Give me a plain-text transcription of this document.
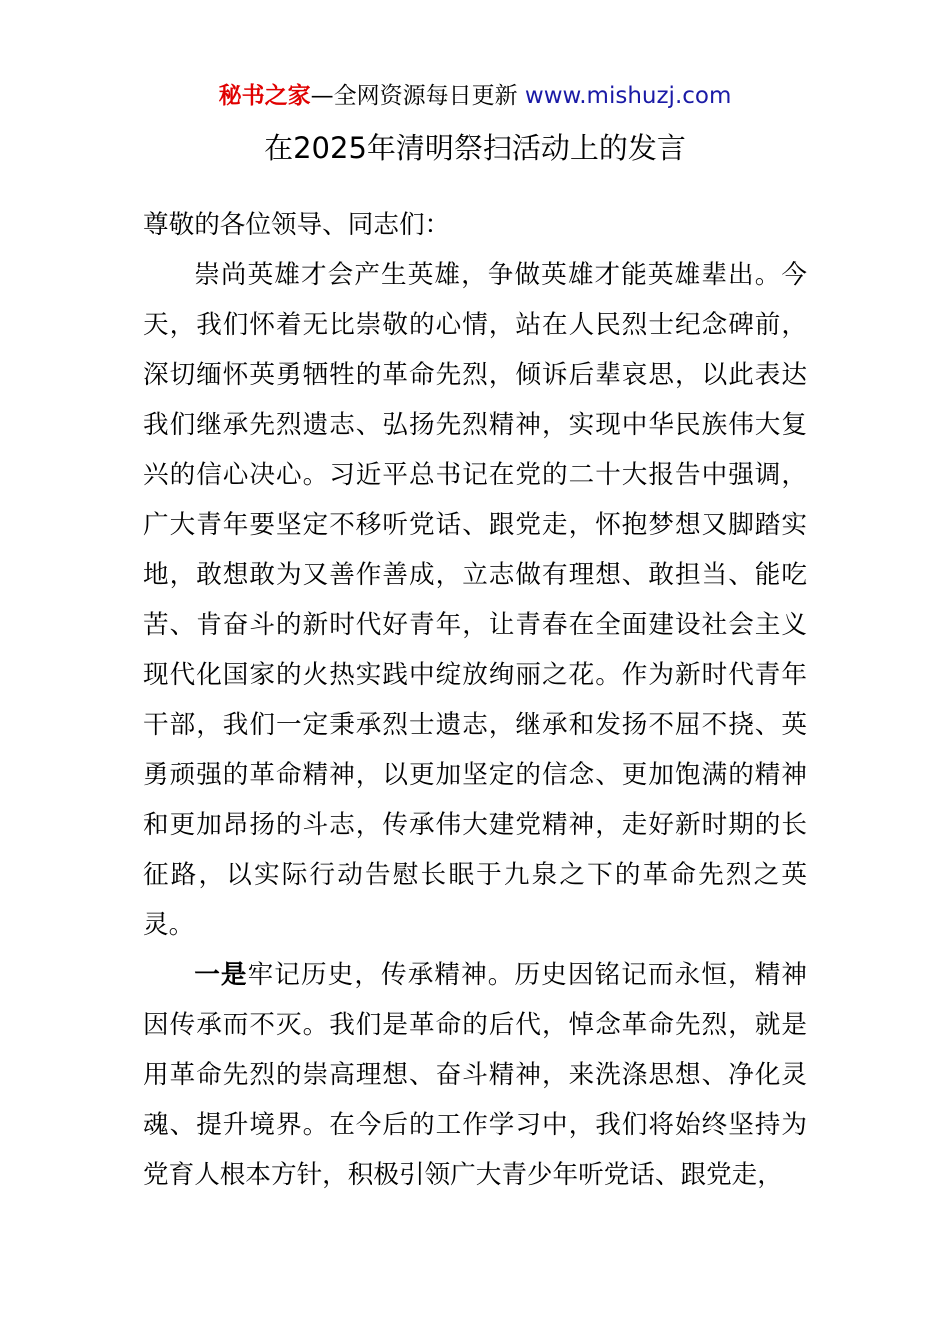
秘书之家—全网资源每日更新 www.mishuzj.com
在2025年清明祭扫活动上的发言

尊敬的各位领导、同志们：

崇尚英雄才会产生英雄，争做英雄才能英雄辈出。今天，我们怀着无比崇敬的心情，站在人民烈士纪念碑前，深切缅怀英勇牺牲的革命先烈，倾诉后辈哀思，以此表达我们继承先烈遗志、弘扬先烈精神，实现中华民族伟大复兴的信心决心。习近平总书记在党的二十大报告中强调，广大青年要坚定不移听党话、跟党走，怀抱梦想又脚踏实地，敢想敢为又善作善成，立志做有理想、敢担当、能吃苦、肯奋斗的新时代好青年，让青春在全面建设社会主义现代化国家的火热实践中绽放绚丽之花。作为新时代青年干部，我们一定秉承烈士遗志，继承和发扬不屈不挠、英勇顽强的革命精神，以更加坚定的信念、更加饱满的精神和更加昂扬的斗志，传承伟大建党精神，走好新时期的长征路，以实际行动告慰长眠于九泉之下的革命先烈之英灵。

一是牢记历史，传承精神。历史因铭记而永恒，精神因传承而不灭。我们是革命的后代，悼念革命先烈，就是用革命先烈的崇高理想、奋斗精神，来洗涤思想、净化灵魂、提升境界。在今后的工作学习中，我们将始终坚持为党育人根本方针，积极引领广大青少年听党话、跟党走，
